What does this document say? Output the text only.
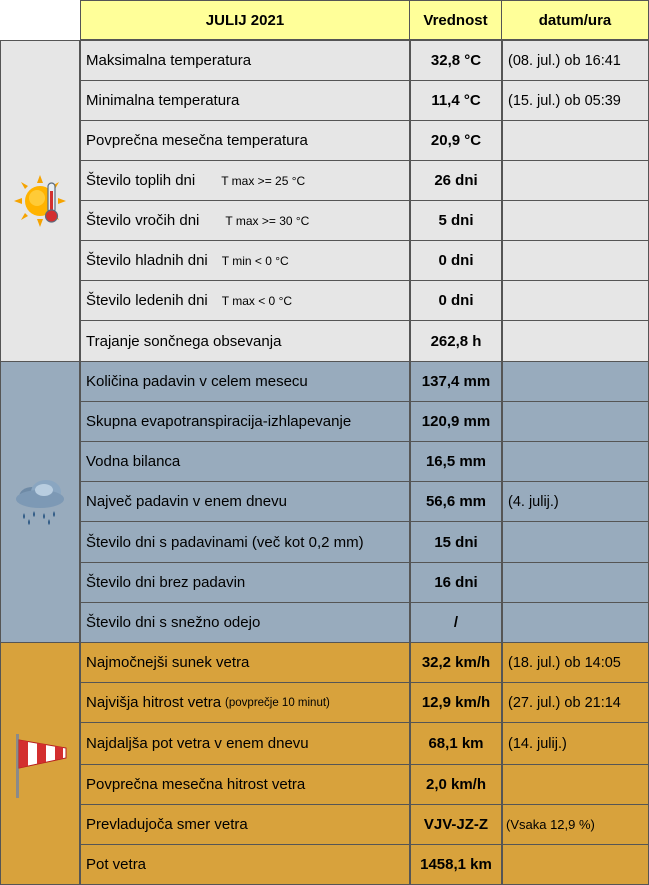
JULIJ 2021	Vrednost	datum/ura
Maksimalna temperatura	32,8 °C	(08. jul.) ob 16:41
Minimalna temperatura	11,4 °C	(15. jul.) ob 05:39
Povprečna mesečna temperatura	20,9 °C
Število toplih dni T max >= 25 °C	26 dni
Število vročih dni T max >= 30 °C	5 dni
Število hladnih dni T min < 0 °C	0 dni
Število ledenih dni T max < 0 °C	0 dni
Trajanje sončnega obsevanja	262,8 h
Količina padavin v celem mesecu	137,4 mm
Skupna evapotranspiracija-izhlapevanje	120,9 mm
Vodna bilanca	16,5 mm
Največ padavin v enem dnevu	56,6 mm	(4. julij.)
Število dni s padavinami (več kot 0,2 mm)	15 dni
Število dni brez padavin	16 dni
Število dni s snežno odejo	/
Najmočnejši sunek vetra	32,2 km/h	(18. jul.) ob 14:05
Najvišja hitrost vetra (povprečje 10 minut)	12,9 km/h	(27. jul.) ob 21:14
Najdaljša pot vetra v enem dnevu	68,1 km	(14. julij.)
Povprečna mesečna hitrost vetra	2,0 km/h
Prevladujoča smer vetra	VJV-JZ-Z	(Vsaka 12,9 %)
Pot vetra	1458,1 km
